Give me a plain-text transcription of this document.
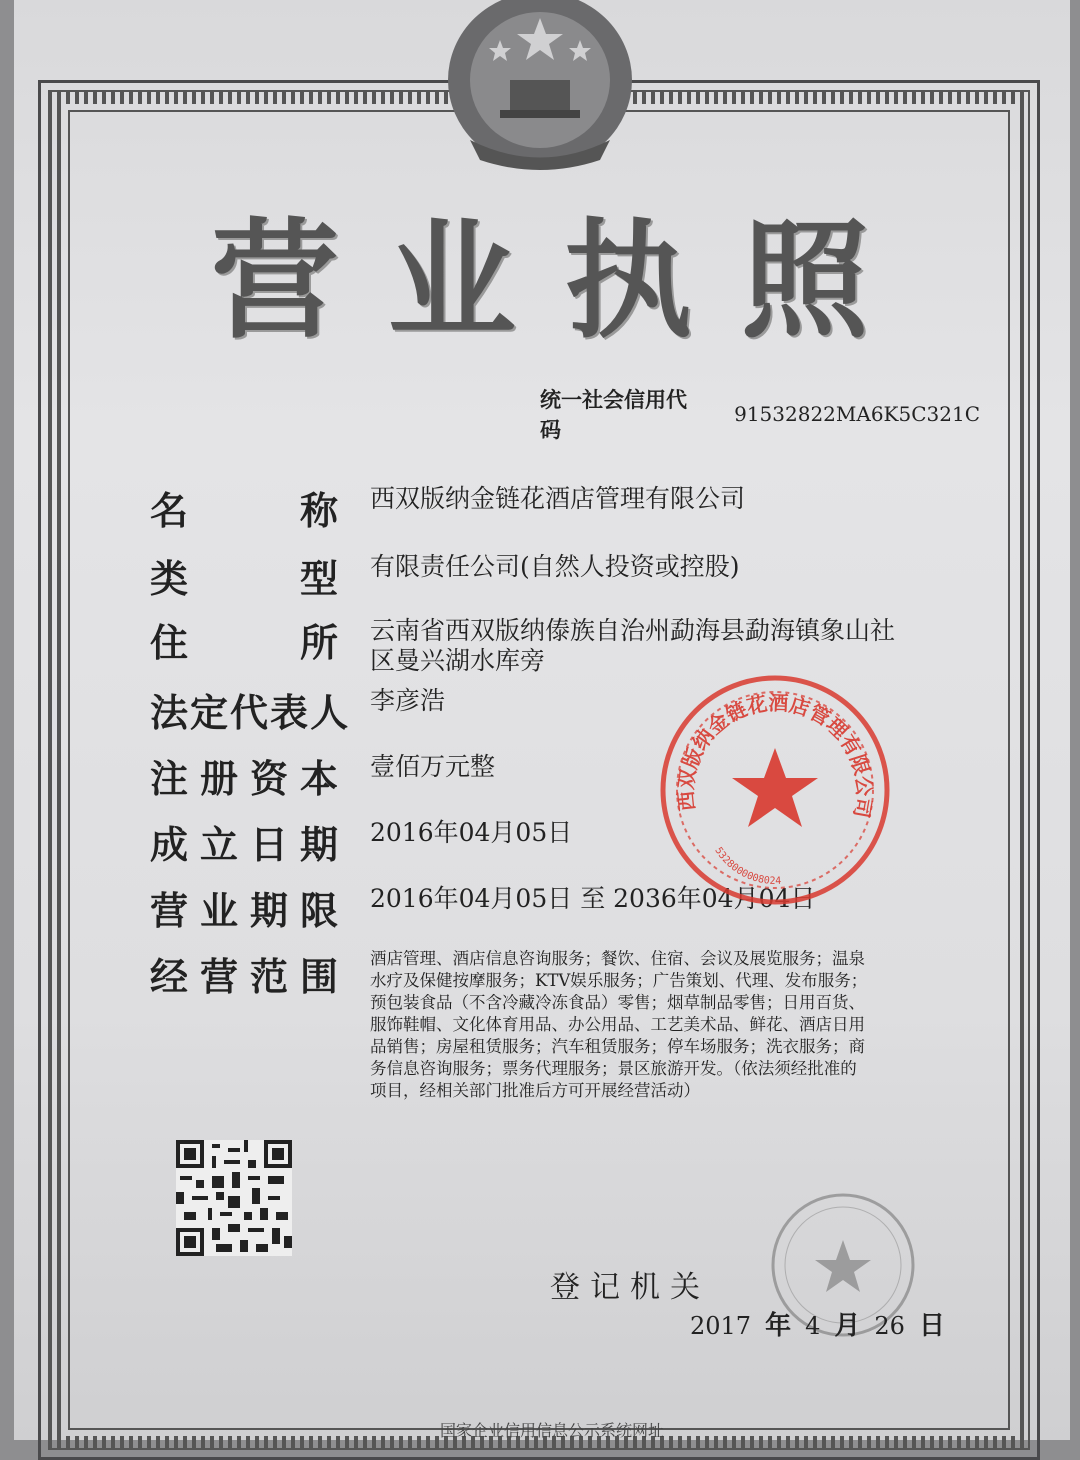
营 业 执 照
统一社会信用代码
91532822MA6K5C321C
名	称 西双版纳金链花酒店管理有限公司
类	型 有限责任公司(自然人投资或控股)
住	所 云南省西双版纳傣族自治州勐海县勐海镇象山社区曼兴湖水库旁
法 定 代 表 人 李彦浩
注 册 资 本 壹佰万元整
成 立 日 期 2016年04月05日
营 业 期 限 2016年04月05日 至 2036年04月04日
经 营 范 围 酒店管理、酒店信息咨询服务；餐饮、住宿、会议及展览服务；温泉水疗及保健按摩服务；KTV娱乐服务；广告策划、代理、发布服务；预包装食品（不含冷藏冷冻食品）零售；烟草制品零售；日用百货、服饰鞋帽、文化体育用品、办公用品、工艺美术品、鲜花、酒店日用品销售；房屋租赁服务；汽车租赁服务；停车场服务；洗衣服务；商务信息咨询服务；票务代理服务；景区旅游开发。（依法须经批准的项目，经相关部门批准后方可开展经营活动）
西双版纳金链花酒店管理有限公司
5328000008024
登记机关
2017 年 4 月 26 日
国家企业信用信息公示系统网址
